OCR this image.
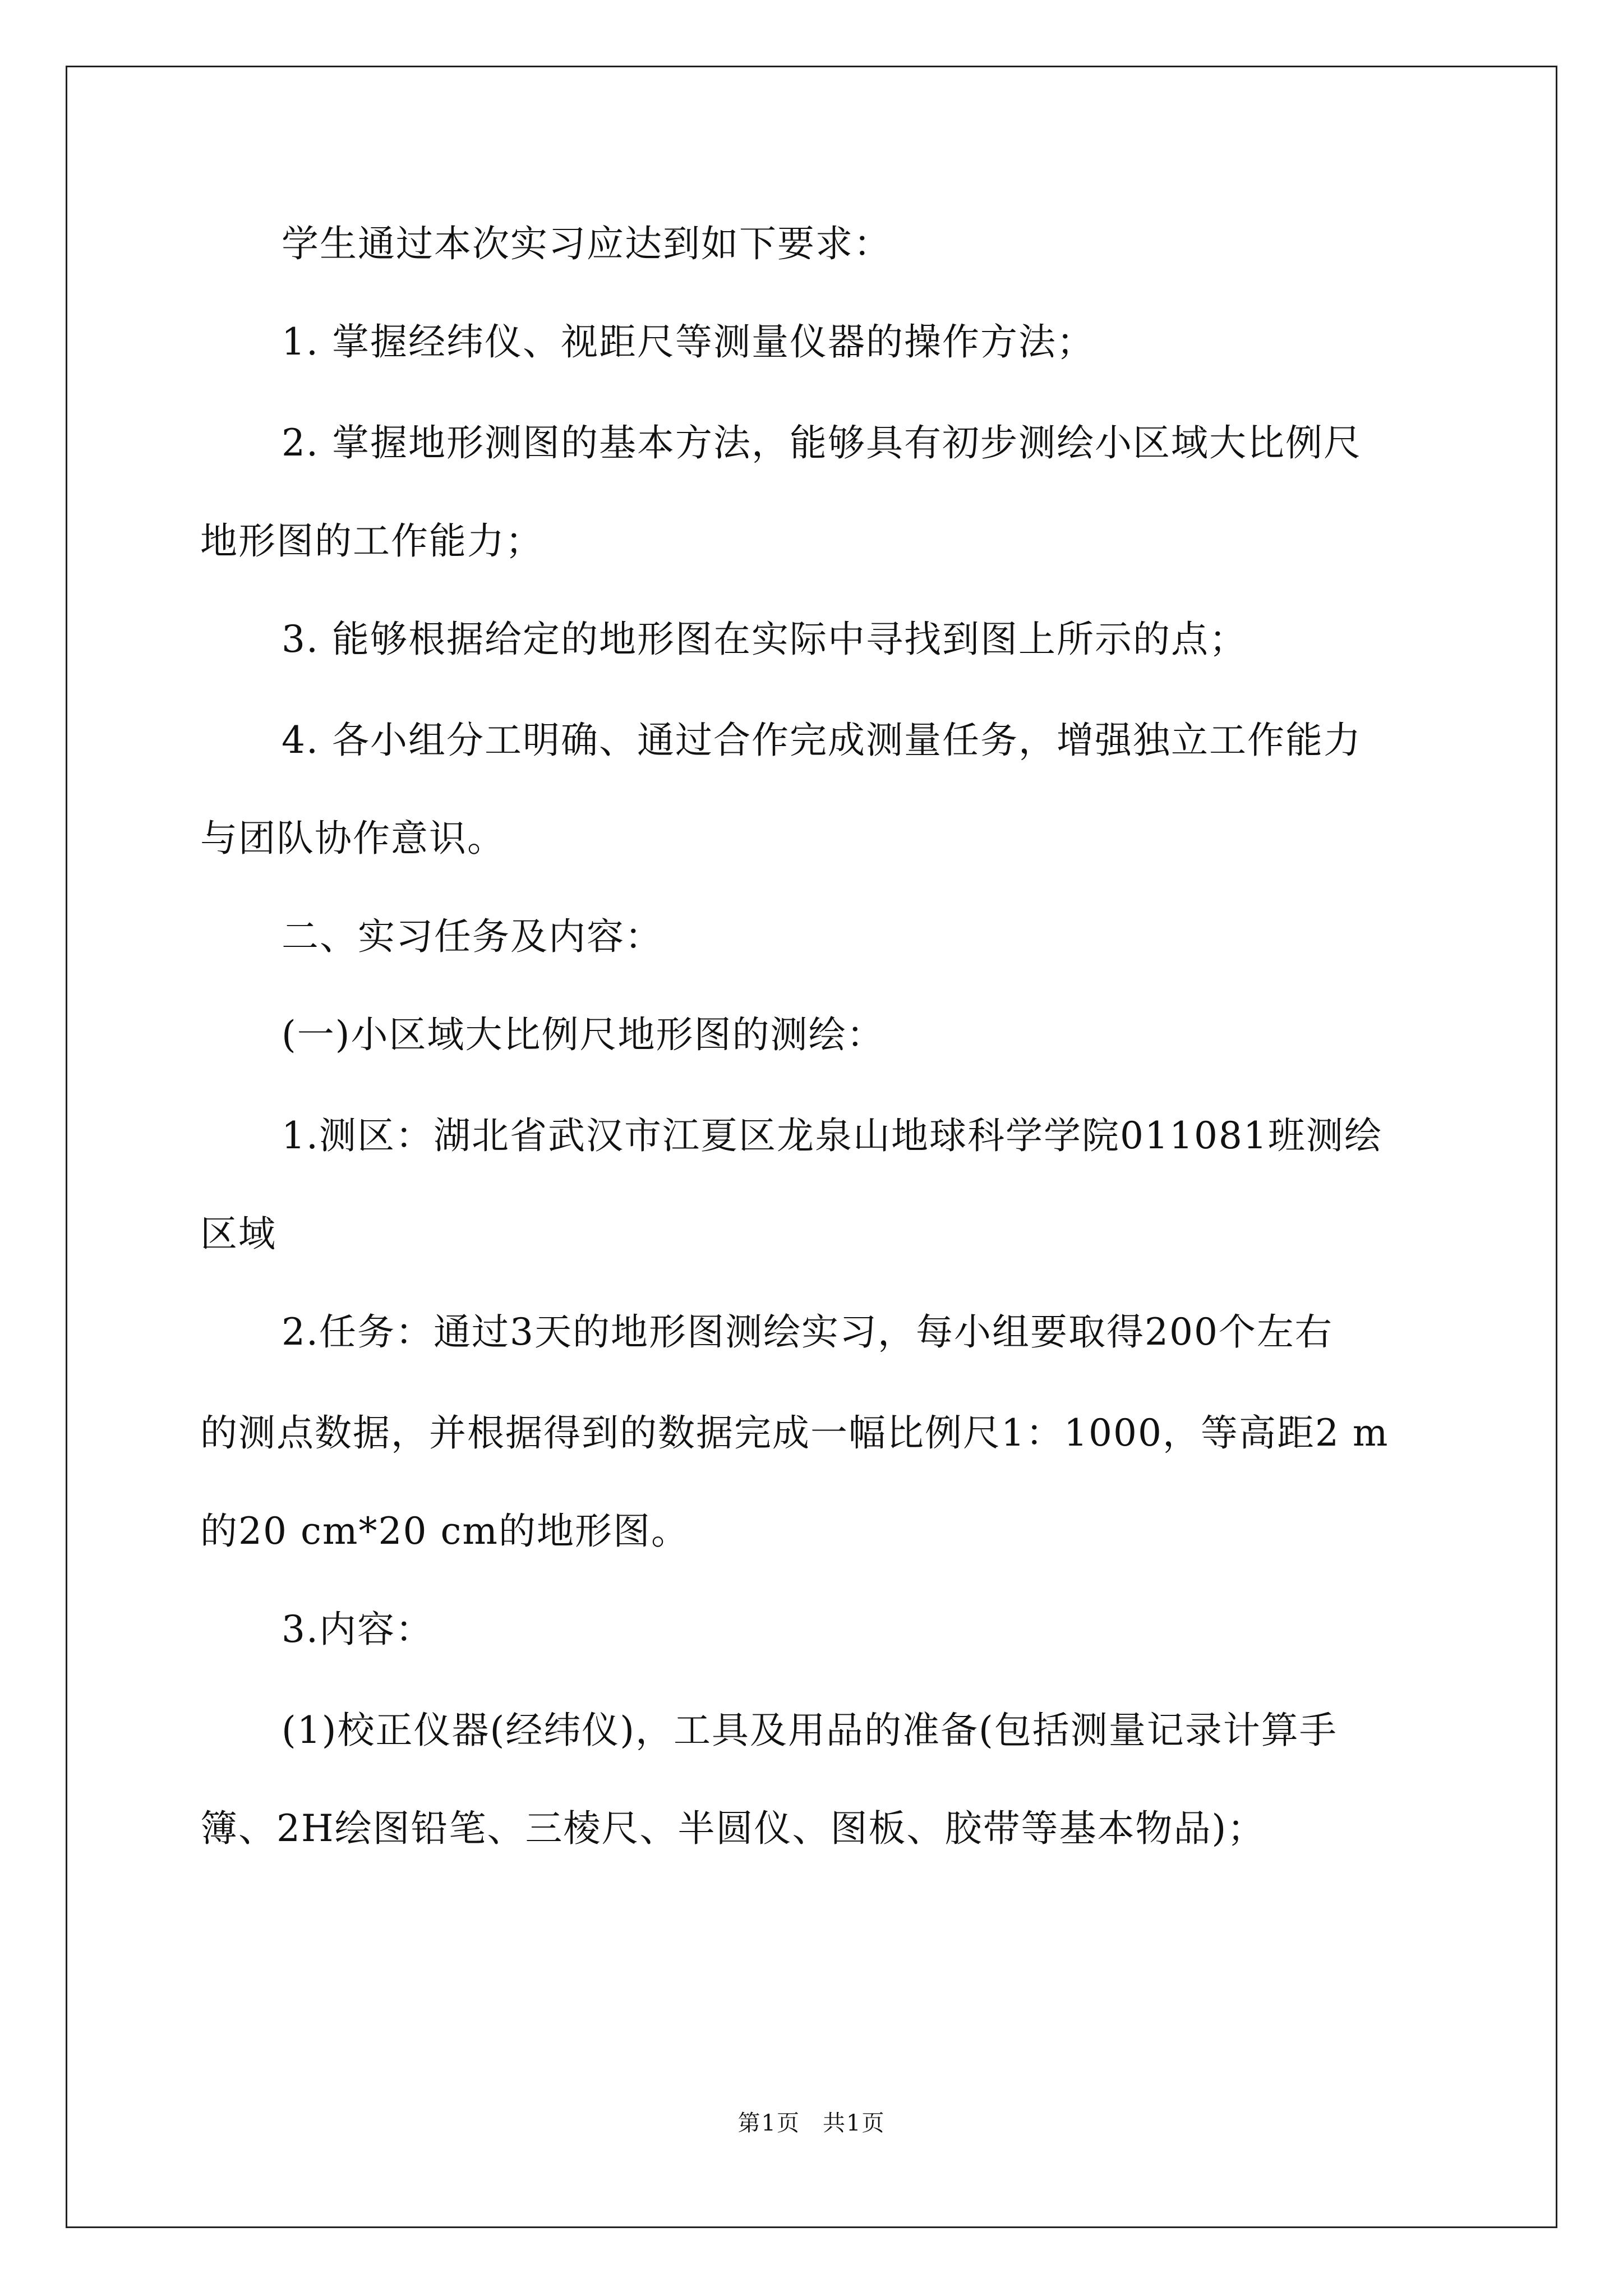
学生通过本次实习应达到如下要求：
1. 掌握经纬仪、视距尺等测量仪器的操作方法；
2. 掌握地形测图的基本方法，能够具有初步测绘小区域大比例尺
地形图的工作能力；
3. 能够根据给定的地形图在实际中寻找到图上所示的点；
4. 各小组分工明确、通过合作完成测量任务，增强独立工作能力
与团队协作意识。
二、实习任务及内容：
(一)小区域大比例尺地形图的测绘：
1.测区：湖北省武汉市江夏区龙泉山地球科学学院011081班测绘
区域
2.任务：通过3天的地形图测绘实习，每小组要取得200个左右
的测点数据，并根据得到的数据完成一幅比例尺1：1000，等高距2 m
的20 cm*20 cm的地形图。
3.内容：
(1)校正仪器(经纬仪)，工具及用品的准备(包括测量记录计算手
簿、2H绘图铅笔、三棱尺、半圆仪、图板、胶带等基本物品)；
第1页 共1页
